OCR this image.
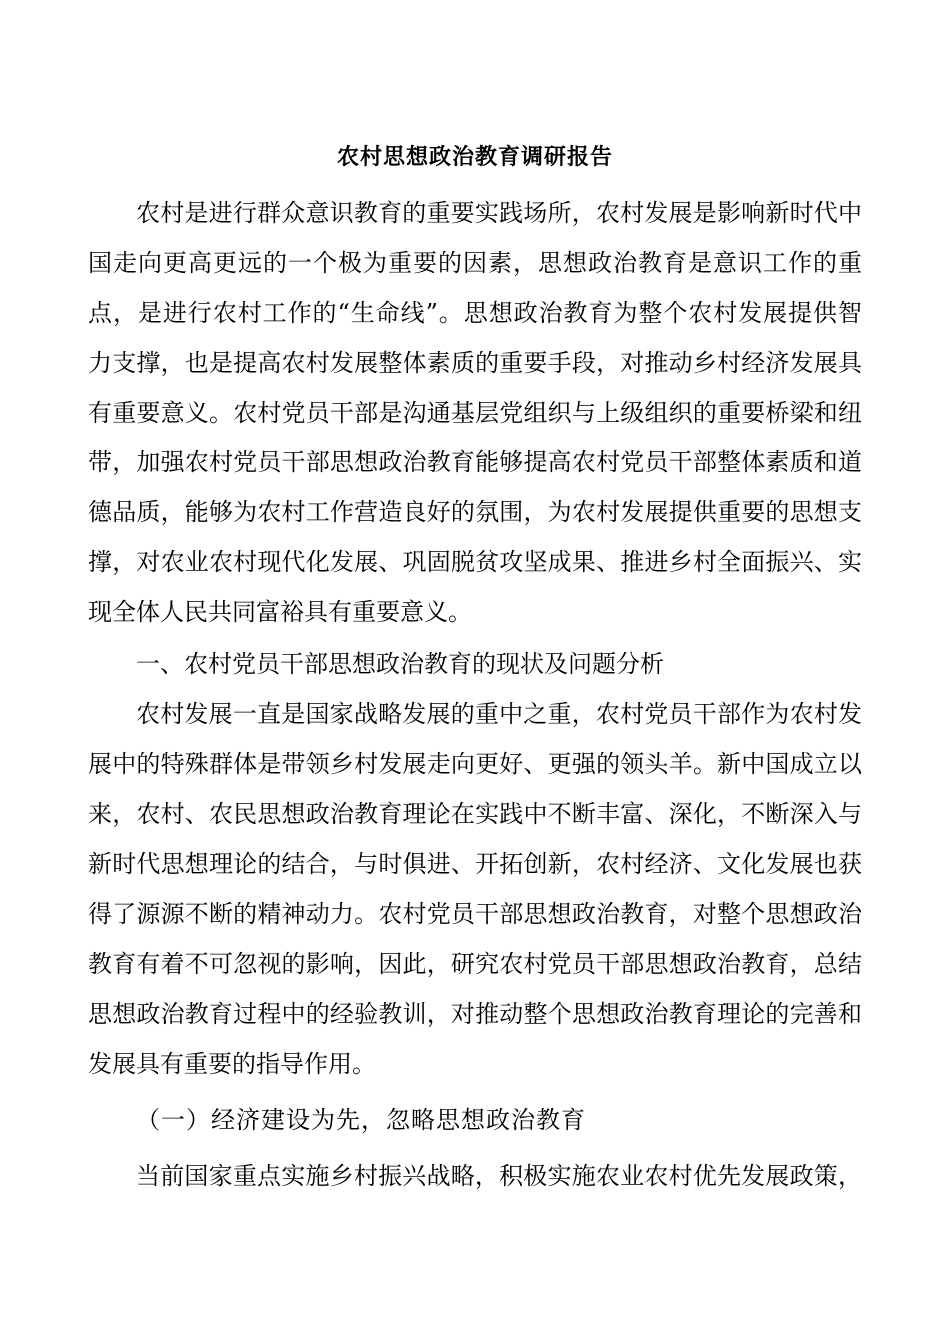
农村思想政治教育调研报告

农村是进行群众意识教育的重要实践场所，农村发展是影响新时代中

国走向更高更远的一个极为重要的因素，思想政治教育是意识工作的重

点，是进行农村工作的“生命线”。思想政治教育为整个农村发展提供智

力支撑，也是提高农村发展整体素质的重要手段，对推动乡村经济发展具

有重要意义。农村党员干部是沟通基层党组织与上级组织的重要桥梁和纽

带，加强农村党员干部思想政治教育能够提高农村党员干部整体素质和道

德品质，能够为农村工作营造良好的氛围，为农村发展提供重要的思想支

撑，对农业农村现代化发展、巩固脱贫攻坚成果、推进乡村全面振兴、实

现全体人民共同富裕具有重要意义。

一、农村党员干部思想政治教育的现状及问题分析

农村发展一直是国家战略发展的重中之重，农村党员干部作为农村发

展中的特殊群体是带领乡村发展走向更好、更强的领头羊。新中国成立以

来，农村、农民思想政治教育理论在实践中不断丰富、深化，不断深入与

新时代思想理论的结合，与时俱进、开拓创新，农村经济、文化发展也获

得了源源不断的精神动力。农村党员干部思想政治教育，对整个思想政治

教育有着不可忽视的影响，因此，研究农村党员干部思想政治教育，总结

思想政治教育过程中的经验教训，对推动整个思想政治教育理论的完善和

发展具有重要的指导作用。

（一）经济建设为先，忽略思想政治教育

当前国家重点实施乡村振兴战略，积极实施农业农村优先发展政策，
